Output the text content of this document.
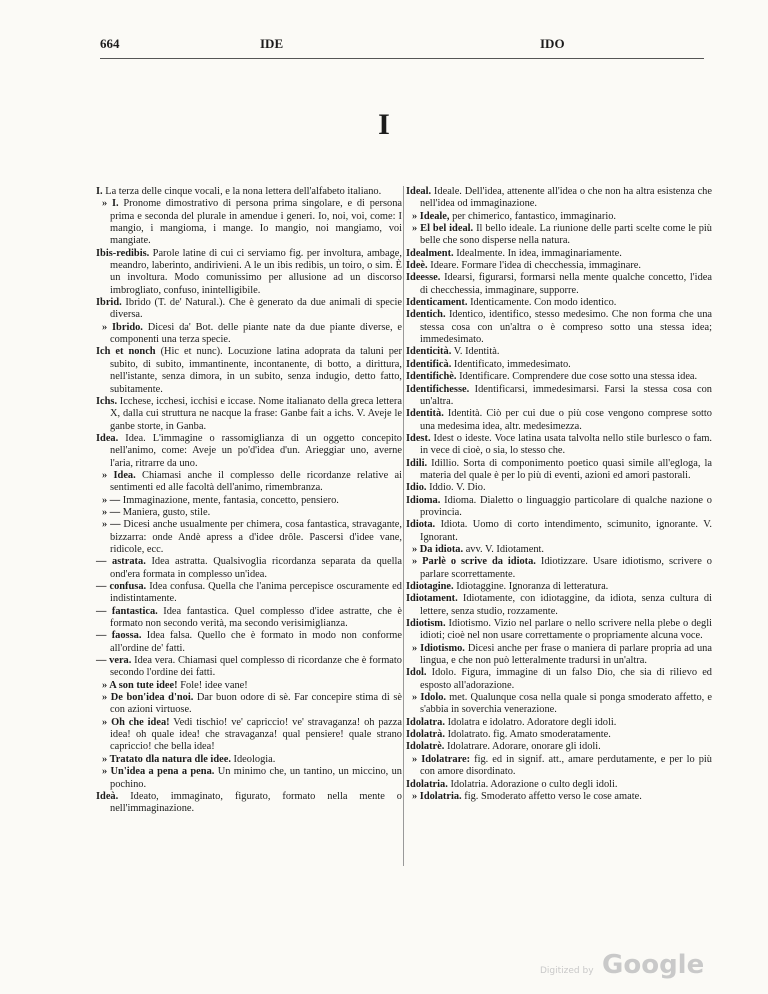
664	IDE	IDO
I

I. La terza delle cinque vocali, e la nona lettera dell'alfabeto italiano.

» I. Pronome dimostrativo di persona prima singolare, e di persona prima e seconda del plurale in amendue i generi. Io, noi, voi, come: I mangio, i mangioma, i mange. Io mangio, noi mangiamo, voi mangiate.

Ibis-redibis. Parole latine di cui ci serviamo fig. per involtura, ambage, meandro, laberinto, andirivieni. A le un ibis redibis, un toiro, o sim. È un involtura. Modo comunissimo per allusione ad un discorso imbrogliato, confuso, inintelligibile.

Ibrid. Ibrido (T. de' Natural.). Che è generato da due animali di specie diversa.

» Ibrido. Dicesi da' Bot. delle piante nate da due piante diverse, e componenti una terza specie.

Ich et nonch (Hic et nunc). Locuzione latina adoprata da taluni per subito, di subito, immantinente, incontanente, di botto, a dirittura, nell'istante, senza dimora, in un subito, senza indugio, detto fatto, subitamente.

Ichs. Icchese, icchesi, icchisi e iccase. Nome italianato della greca lettera X, dalla cui struttura ne nacque la frase: Ganbe fait a ichs. V. Aveje le ganbe storte, in Ganba.

Idea. Idea. L'immagine o rassomiglianza di un oggetto concepito nell'animo, come: Aveje un po'd'idea d'un. Arieggiar uno, averne l'aria, ritrarre da uno.

» Idea. Chiamasi anche il complesso delle ricordanze relative ai sentimenti ed alle facoltà dell'animo, rimembranza.

» — Immaginazione, mente, fantasia, concetto, pensiero.

» — Maniera, gusto, stile.

» — Dicesi anche usualmente per chimera, cosa fantastica, stravagante, bizzarra: onde Andè apress a d'idee drôle. Pascersi d'idee vane, ridicole, ecc.

— astrata. Idea astratta. Qualsivoglia ricordanza separata da quella ond'era formata in complesso un'idea.

— confusa. Idea confusa. Quella che l'anima percepisce oscuramente ed indistintamente.

— fantastica. Idea fantastica. Quel complesso d'idee astratte, che è formato non secondo verità, ma secondo verisimiglianza.

— faossa. Idea falsa. Quello che è formato in modo non conforme all'ordine de' fatti.

— vera. Idea vera. Chiamasi quel complesso di ricordanze che è formato secondo l'ordine dei fatti.

» A son tute idee! Fole! idee vane!

» De bon'idea d'noi. Dar buon odore di sè. Far concepire stima di sè con azioni virtuose.

» Oh che idea! Vedi tischio! ve' capriccio! ve' stravaganza! oh pazza idea! oh quale idea! che stravaganza! qual pensiere! quale strano capriccio! che bella idea!

» Tratato dla natura dle idee. Ideologia.

» Un'idea a pena a pena. Un minimo che, un tantino, un miccino, un pochino.

Ideà. Ideato, immaginato, figurato, formato nella mente o nell'immaginazione.

Ideal. Ideale. Dell'idea, attenente all'idea o che non ha altra esistenza che nell'idea od immaginazione.

» Ideale, per chimerico, fantastico, immaginario.

» El bel ideal. Il bello ideale. La riunione delle parti scelte come le più belle che sono disperse nella natura.

Idealment. Idealmente. In idea, immaginariamente.

Ideè. Ideare. Formare l'idea di checchessia, immaginare.

Ideesse. Idearsi, figurarsi, formarsi nella mente qualche concetto, l'idea di checchessia, immaginare, supporre.

Identicament. Identicamente. Con modo identico.

Identich. Identico, identifico, stesso medesimo. Che non forma che una stessa cosa con un'altra o è compreso sotto una stessa idea; immedesimato.

Identicità. V. Identità.

Identificà. Identificato, immedesimato.

Identifichè. Identificare. Comprendere due cose sotto una stessa idea.

Identifichesse. Identificarsi, immedesimarsi. Farsi la stessa cosa con un'altra.

Identità. Identità. Ciò per cui due o più cose vengono comprese sotto una medesima idea, altr. medesimezza.

Idest. Idest o ideste. Voce latina usata talvolta nello stile burlesco o fam. in vece di cioè, o sia, lo stesso che.

Idili. Idillio. Sorta di componimento poetico quasi simile all'egloga, la materia del quale è per lo più di eventi, azioni ed amori pastorali.

Idio. Iddio. V. Dio.

Idioma. Idioma. Dialetto o linguaggio particolare di qualche nazione o provincia.

Idiota. Idiota. Uomo di corto intendimento, scimunito, ignorante. V. Ignorant.

» Da idiota. avv. V. Idiotament.

» Parlè o scrive da idiota. Idiotizzare. Usare idiotismo, scrivere o parlare scorrettamente.

Idiotagine. Idiotaggine. Ignoranza di letteratura.

Idiotament. Idiotamente, con idiotaggine, da idiota, senza cultura di lettere, senza studio, rozzamente.

Idiotism. Idiotismo. Vizio nel parlare o nello scrivere nella plebe o degli idioti; cioè nel non usare correttamente o propriamente alcuna voce.

» Idiotismo. Dicesi anche per frase o maniera di parlare propria ad una lingua, e che non può letteralmente tradursi in un'altra.

Idol. Idolo. Figura, immagine di un falso Dio, che sia di rilievo ed esposto all'adorazione.

» Idolo. met. Qualunque cosa nella quale si ponga smoderato affetto, e s'abbia in soverchia venerazione.

Idolatra. Idolatra e idolatro. Adoratore degli idoli.

Idolatrà. Idolatrato. fig. Amato smoderatamente.

Idolatrè. Idolatrare. Adorare, onorare gli idoli.

» Idolatrare: fig. ed in signif. att., amare perdutamente, e per lo più con amore disordinato.

Idolatria. Idolatria. Adorazione o culto degli idoli.

» Idolatria. fig. Smoderato affetto verso le cose amate.

Digitized by Google
